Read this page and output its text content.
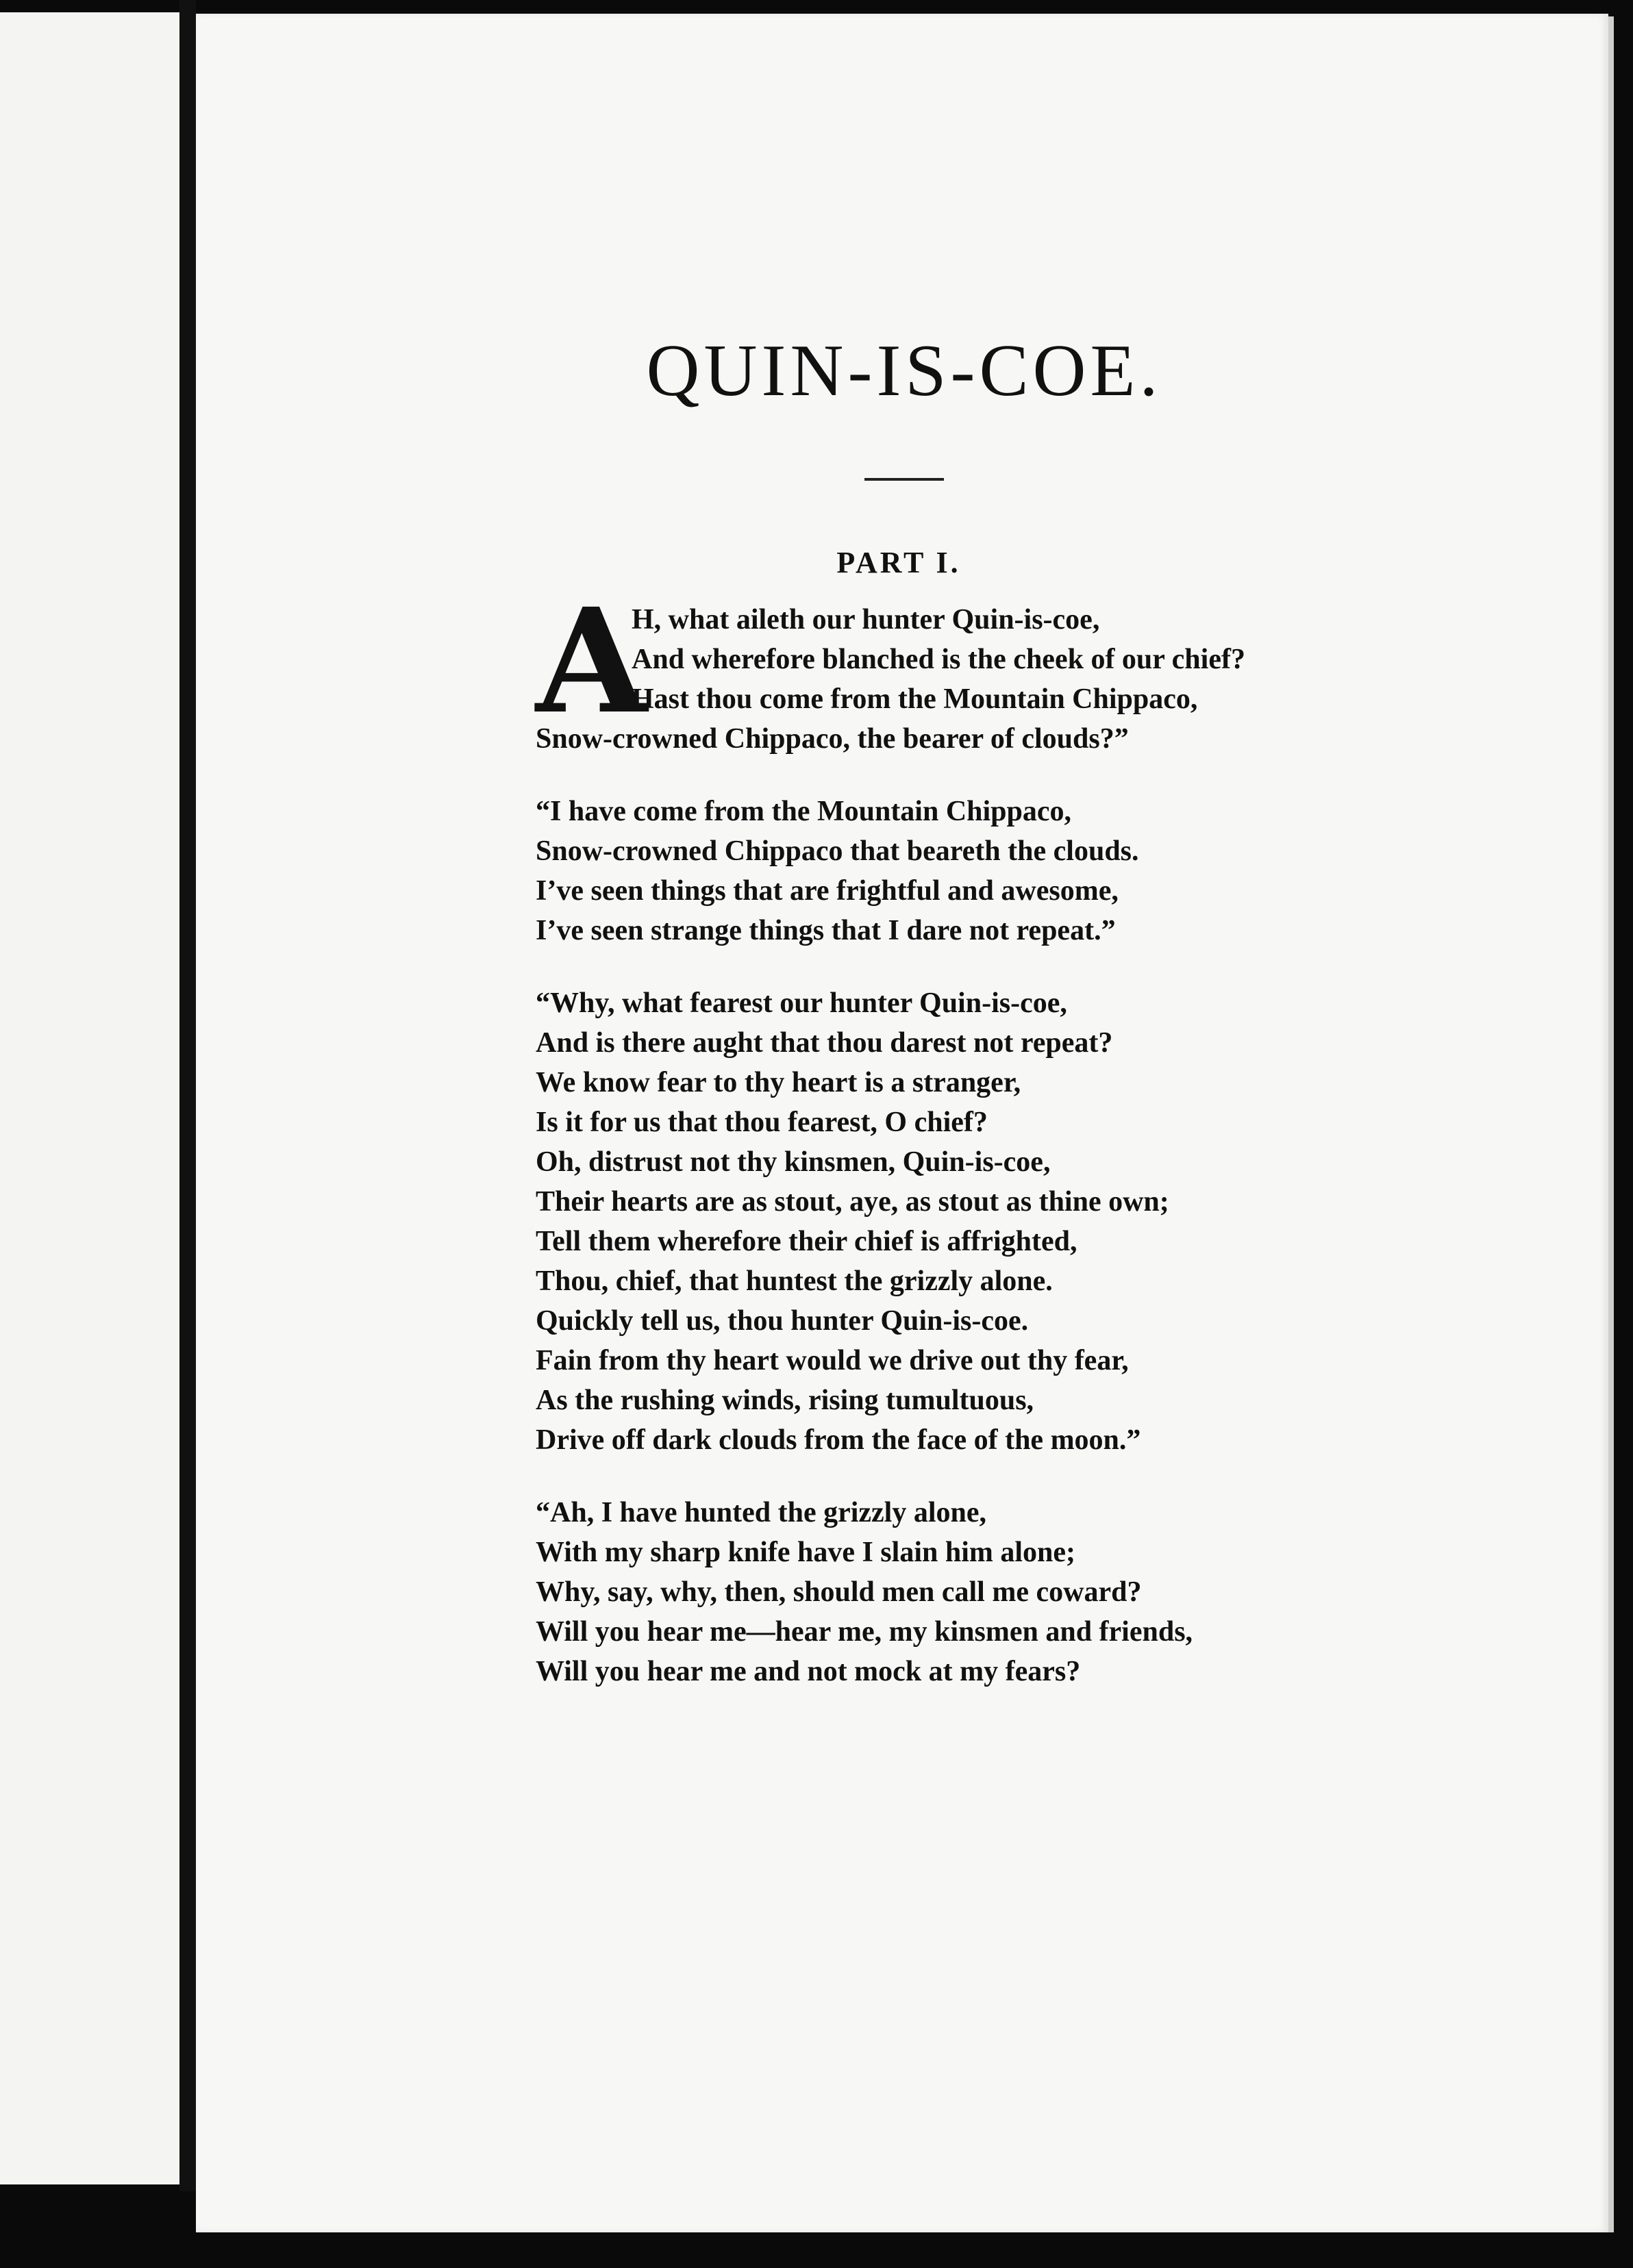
QUIN-IS-COE.
PART I.
A
H, what aileth our hunter Quin-is-coe,
And wherefore blanched is the cheek of our chief?
Hast thou come from the Mountain Chippaco,
Snow-crowned Chippaco, the bearer of clouds?”
“I have come from the Mountain Chippaco,
Snow-crowned Chippaco that beareth the clouds.
I’ve seen things that are frightful and awesome,
I’ve seen strange things that I dare not repeat.”
“Why, what fearest our hunter Quin-is-coe,
And is there aught that thou darest not repeat?
We know fear to thy heart is a stranger,
Is it for us that thou fearest, O chief?
Oh, distrust not thy kinsmen, Quin-is-coe,
Their hearts are as stout, aye, as stout as thine own;
Tell them wherefore their chief is affrighted,
Thou, chief, that huntest the grizzly alone.
Quickly tell us, thou hunter Quin-is-coe.
Fain from thy heart would we drive out thy fear,
As the rushing winds, rising tumultuous,
Drive off dark clouds from the face of the moon.”
“Ah, I have hunted the grizzly alone,
With my sharp knife have I slain him alone;
Why, say, why, then, should men call me coward?
Will you hear me—hear me, my kinsmen and friends,
Will you hear me and not mock at my fears?
